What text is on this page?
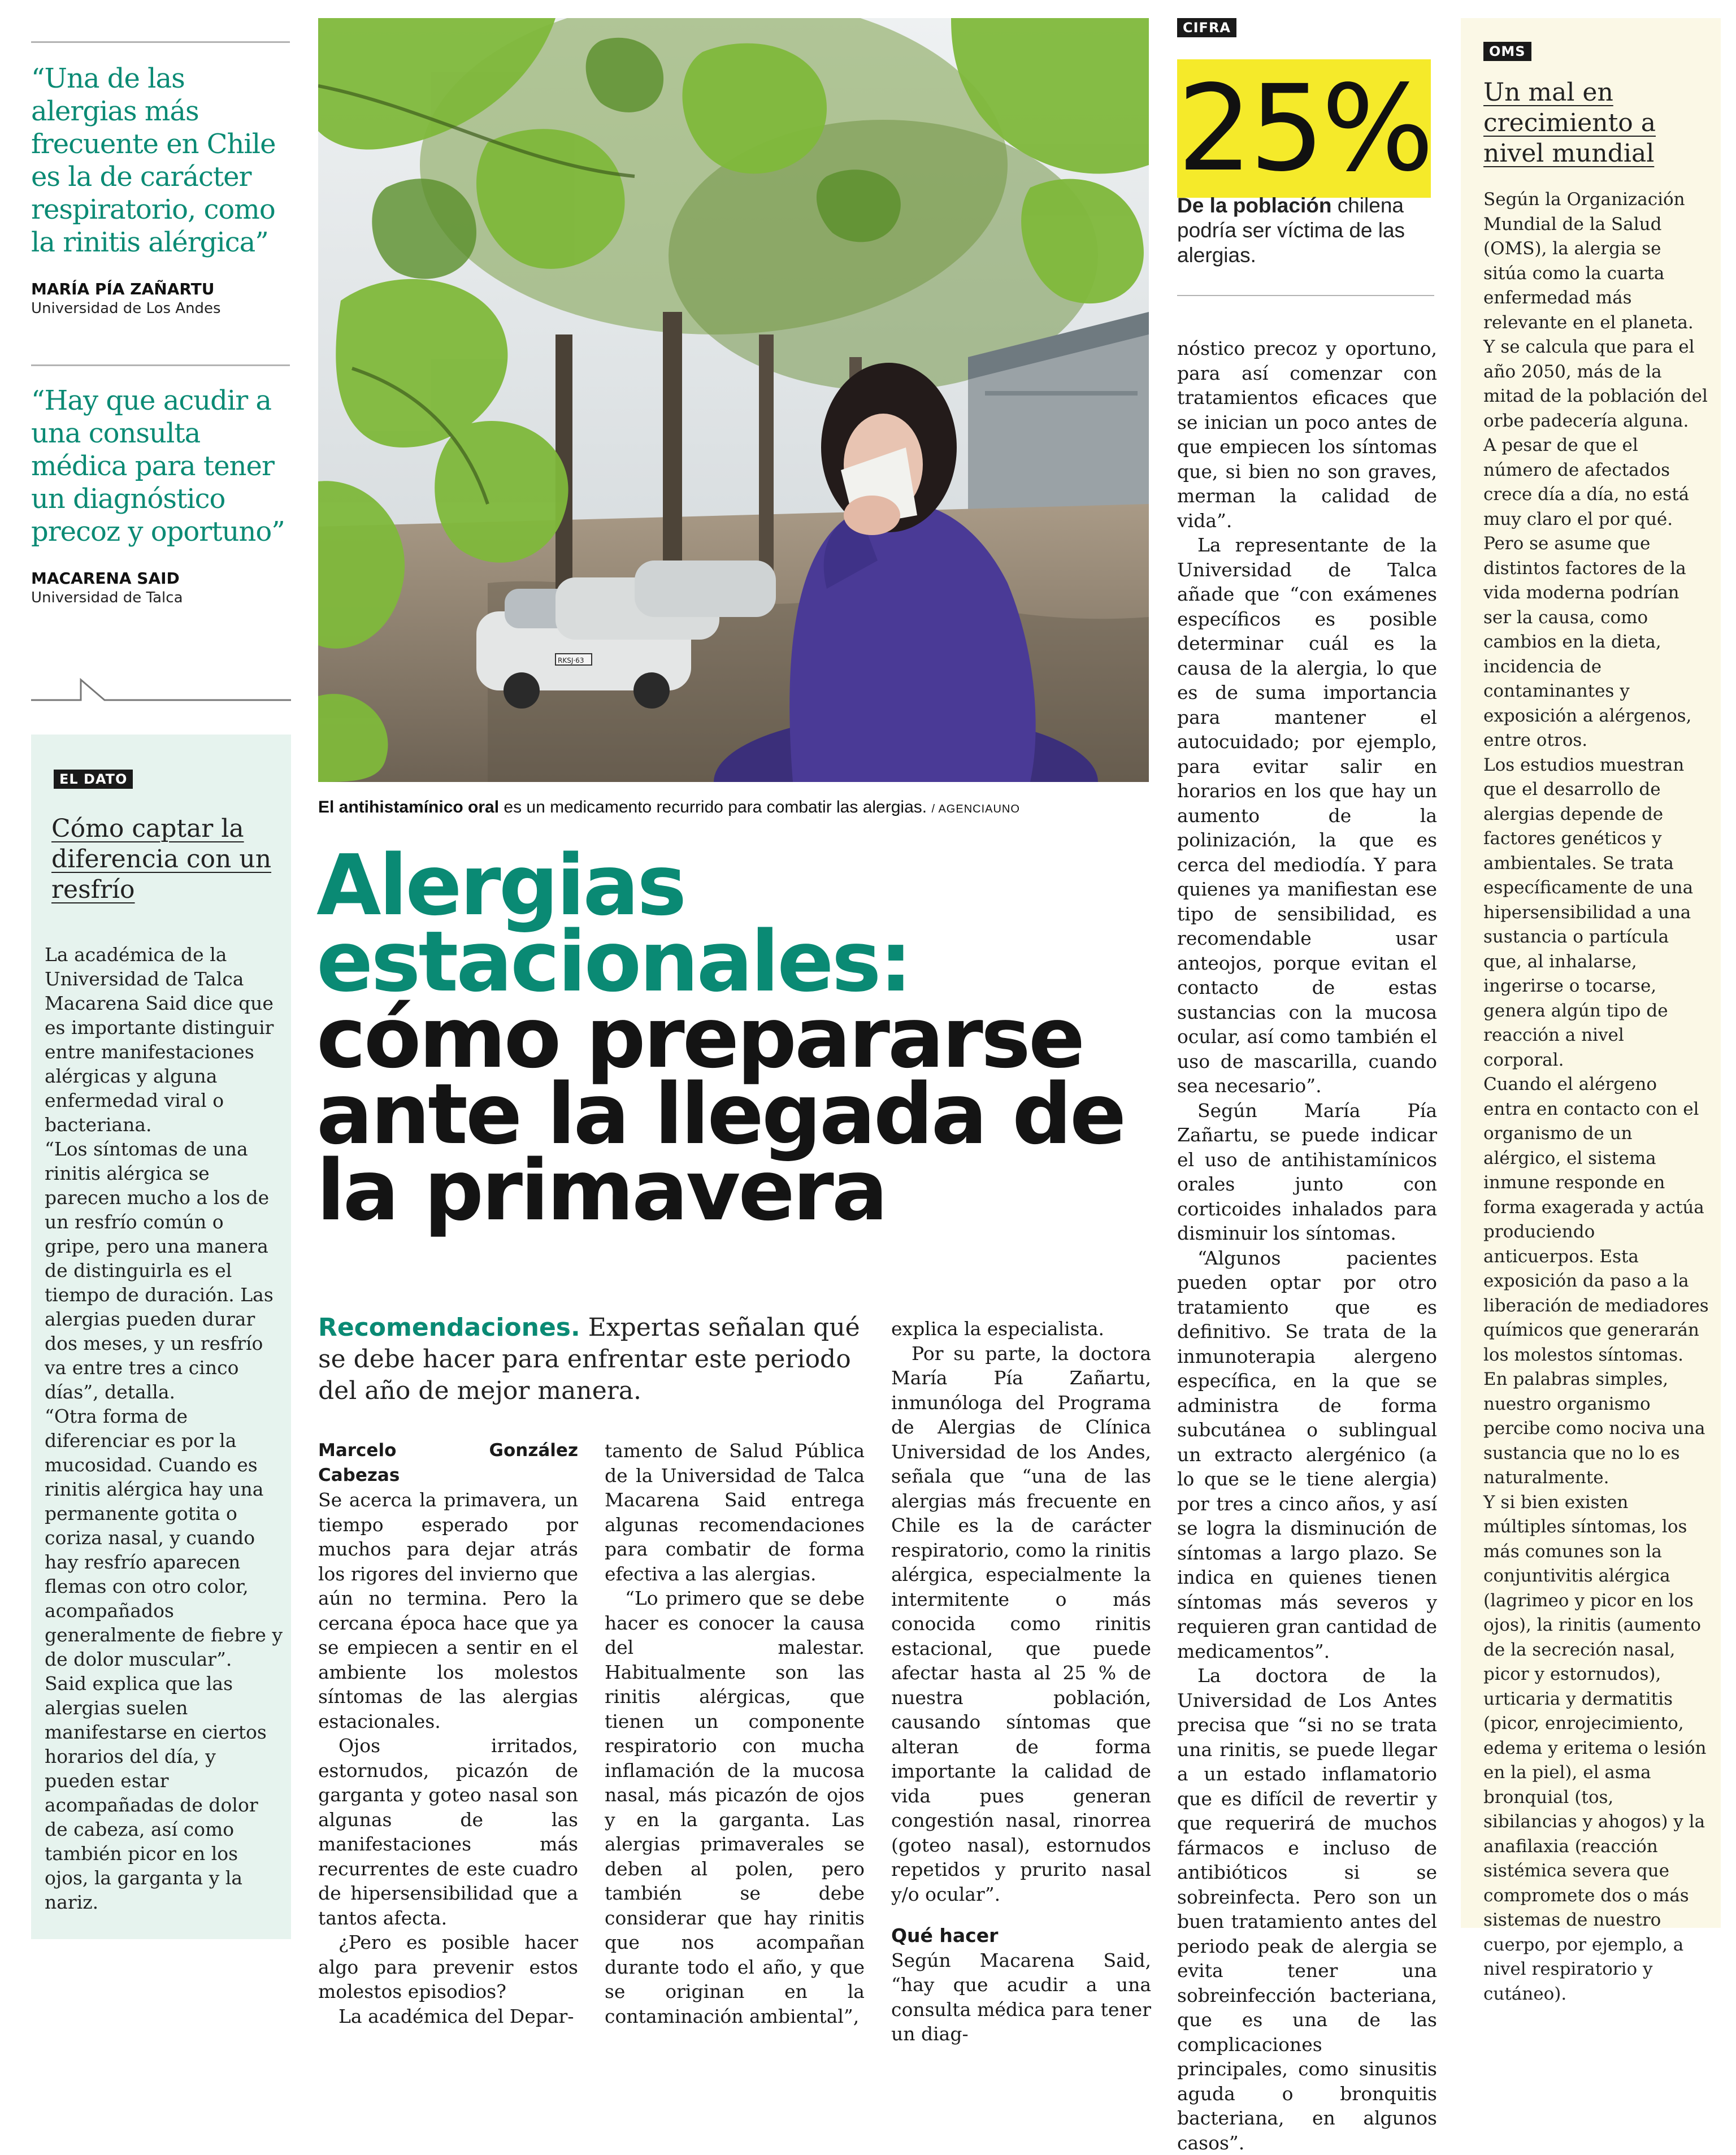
“Una de las alergias más frecuente en Chile es la de carácter respiratorio, como la rinitis alérgica”
MARÍA PÍA ZAÑARTU
Universidad de Los Andes
“Hay que acudir a una consulta médica para tener un diagnóstico precoz y oportuno”
MACARENA SAID
Universidad de Talca
EL DATO
Cómo captar la diferencia con un resfrío
La académica de la Universidad de Talca Macarena Said dice que es importante distinguir entre manifestaciones alérgicas y alguna enfermedad viral o bacteriana.
“Los síntomas de una rinitis alérgica se parecen mucho a los de un resfrío común o gripe, pero una manera de distinguirla es el tiempo de duración. Las alergias pueden durar dos meses, y un resfrío va entre tres a cinco días”, detalla.
“Otra forma de diferenciar es por la mucosidad. Cuando es rinitis alérgica hay una permanente gotita o coriza nasal, y cuando hay resfrío aparecen flemas con otro color, acompañados generalmente de fiebre y de dolor muscular”.
Said explica que las alergias suelen manifestarse en ciertos horarios del día, y pueden estar acompañadas de dolor de cabeza, así como también picor en los ojos, la garganta y la nariz.
RKSJ·63
El antihistamínico oral es un medicamento recurrido para combatir las alergias. / AGENCIAUNO
Alergias
estacionales:
cómo prepararse
ante la llegada de
la primavera
Recomendaciones. Expertas señalan qué se debe hacer para enfrentar este periodo del año de mejor manera.
Marcelo González Cabezas

Se acerca la primavera, un tiempo esperado por muchos para dejar atrás los rigores del invierno que aún no termina. Pero la cercana época hace que ya se empiecen a sentir en el ambiente los molestos síntomas de las alergias estacionales.

Ojos irritados, estornudos, picazón de garganta y goteo nasal son algunas de las manifestaciones más recurrentes de este cuadro de hipersensibilidad que a tantos afecta.

¿Pero es posible hacer algo para prevenir estos molestos episodios?

La académica del Depar-

tamento de Salud Pública de la Universidad de Talca Macarena Said entrega algunas recomendaciones para combatir de forma efectiva a las alergias.

“Lo primero que se debe hacer es conocer la causa del malestar. Habitualmente son las rinitis alérgicas, que tienen un componente respiratorio con mucha inflamación de la mucosa nasal, más picazón de ojos y en la garganta. Las alergias primaverales se deben al polen, pero también se debe considerar que hay rinitis que nos acompañan durante todo el año, y que se originan en la contaminación ambiental”,

explica la especialista.

Por su parte, la doctora María Pía Zañartu, inmunóloga del Programa de Alergias de Clínica Universidad de los Andes, señala que “una de las alergias más frecuente en Chile es la de carácter respiratorio, como la rinitis alérgica, especialmente la intermitente o más conocida como rinitis estacional, que puede afectar hasta al 25 % de nuestra población, causando síntomas que alteran de forma importante la calidad de vida pues generan congestión nasal, rinorrea (goteo nasal), estornudos repetidos y prurito nasal y/o ocular”.

Qué hacer

Según Macarena Said, “hay que acudir a una consulta médica para tener un diag-

CIFRA
25%
De la población chilena podría ser víctima de las alergias.

nóstico precoz y oportuno, para así comenzar con tratamientos eficaces que se inician un poco antes de que empiecen los síntomas que, si bien no son graves, merman la calidad de vida”.

La representante de la Universidad de Talca añade que “con exámenes específicos es posible determinar cuál es la causa de la alergia, lo que es de suma importancia para mantener el autocuidado; por ejemplo, para evitar salir en horarios en los que hay un aumento de la polinización, la que es cerca del mediodía. Y para quienes ya manifiestan ese tipo de sensibilidad, es recomendable usar anteojos, porque evitan el contacto de estas sustancias con la mucosa ocular, así como también el uso de mascarilla, cuando sea necesario”.

Según María Pía Zañartu, se puede indicar el uso de antihistamínicos orales junto con corticoides inhalados para disminuir los síntomas.

“Algunos pacientes pueden optar por otro tratamiento que es definitivo. Se trata de la inmunoterapia alergeno específica, en la que se administra de forma subcutánea o sublingual un extracto alergénico (a lo que se le tiene alergia) por tres a cinco años, y así se logra la disminución de síntomas a largo plazo. Se indica en quienes tienen síntomas más severos y requieren gran cantidad de medicamentos”.

La doctora de la Universidad de Los Antes precisa que “si no se trata una rinitis, se puede llegar a un estado inflamatorio que es difícil de revertir y que requerirá de muchos fármacos e incluso de antibióticos si se sobreinfecta. Pero son un buen tratamiento antes del periodo peak de alergia se evita tener una sobreinfección bacteriana, que es una de las complicaciones principales, como sinusitis aguda o bronquitis bacteriana, en algunos casos”.

OMS
Un mal en crecimiento a nivel mundial

Según la Organización Mundial de la Salud (OMS), la alergia se sitúa como la cuarta enfermedad más relevante en el planeta. Y se calcula que para el año 2050, más de la mitad de la población del orbe padecería alguna.

A pesar de que el número de afectados crece día a día, no está muy claro el por qué. Pero se asume que distintos factores de la vida moderna podrían ser la causa, como cambios en la dieta, incidencia de contaminantes y exposición a alérgenos, entre otros.

Los estudios muestran que el desarrollo de alergias depende de factores genéticos y ambientales. Se trata específicamente de una hipersensibilidad a una sustancia o partícula que, al inhalarse, ingerirse o tocarse, genera algún tipo de reacción a nivel corporal.

Cuando el alérgeno entra en contacto con el organismo de un alérgico, el sistema inmune responde en forma exagerada y actúa produciendo anticuerpos. Esta exposición da paso a la liberación de mediadores químicos que generarán los molestos síntomas.

En palabras simples, nuestro organismo percibe como nociva una sustancia que no lo es naturalmente.

Y si bien existen múltiples síntomas, los más comunes son la conjuntivitis alérgica (lagrimeo y picor en los ojos), la rinitis (aumento de la secreción nasal, picor y estornudos), urticaria y dermatitis (picor, enrojecimiento, edema y eritema o lesión en la piel), el asma bronquial (tos, sibilancias y ahogos) y la anafilaxia (reacción sistémica severa que compromete dos o más sistemas de nuestro cuerpo, por ejemplo, a nivel respiratorio y cutáneo).
